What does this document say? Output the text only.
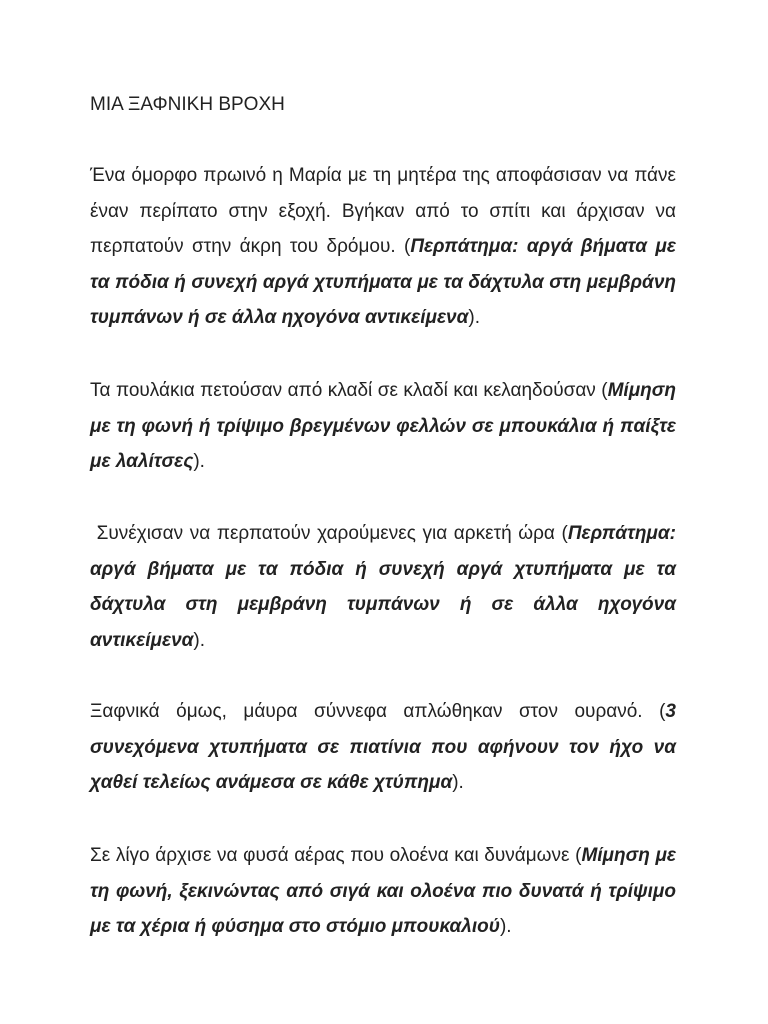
ΜΙΑ ΞΑΦΝΙΚΗ ΒΡΟΧΗ

Ένα όμορφο πρωινό η Μαρία με τη μητέρα της αποφάσισαν να πάνε έναν περίπατο στην εξοχή. Βγήκαν από το σπίτι και άρχισαν να περπατούν στην άκρη του δρόμου. (Περπάτημα: αργά βήματα με τα πόδια ή συνεχή αργά χτυπήματα με τα δάχτυλα στη μεμβράνη τυμπάνων ή σε άλλα ηχογόνα αντικείμενα).

Τα πουλάκια πετούσαν από κλαδί σε κλαδί και κελαηδούσαν (Μίμηση με τη φωνή ή τρίψιμο βρεγμένων φελλών σε μπουκάλια ή παίξτε με λαλίτσες).

Συνέχισαν να περπατούν χαρούμενες για αρκετή ώρα (Περπάτημα: αργά βήματα με τα πόδια ή συνεχή αργά χτυπήματα με τα δάχτυλα στη μεμβράνη τυμπάνων ή σε άλλα ηχογόνα αντικείμενα).

Ξαφνικά όμως, μάυρα σύννεφα απλώθηκαν στον ουρανό. (3 συνεχόμενα χτυπήματα σε πιατίνια που αφήνουν τον ήχο να χαθεί τελείως ανάμεσα σε κάθε χτύπημα).

Σε λίγο άρχισε να φυσά αέρας που ολοένα και δυνάμωνε (Μίμηση με τη φωνή, ξεκινώντας από σιγά και ολοένα πιο δυνατά ή τρίψιμο με τα χέρια ή φύσημα στο στόμιο μπουκαλιού).
